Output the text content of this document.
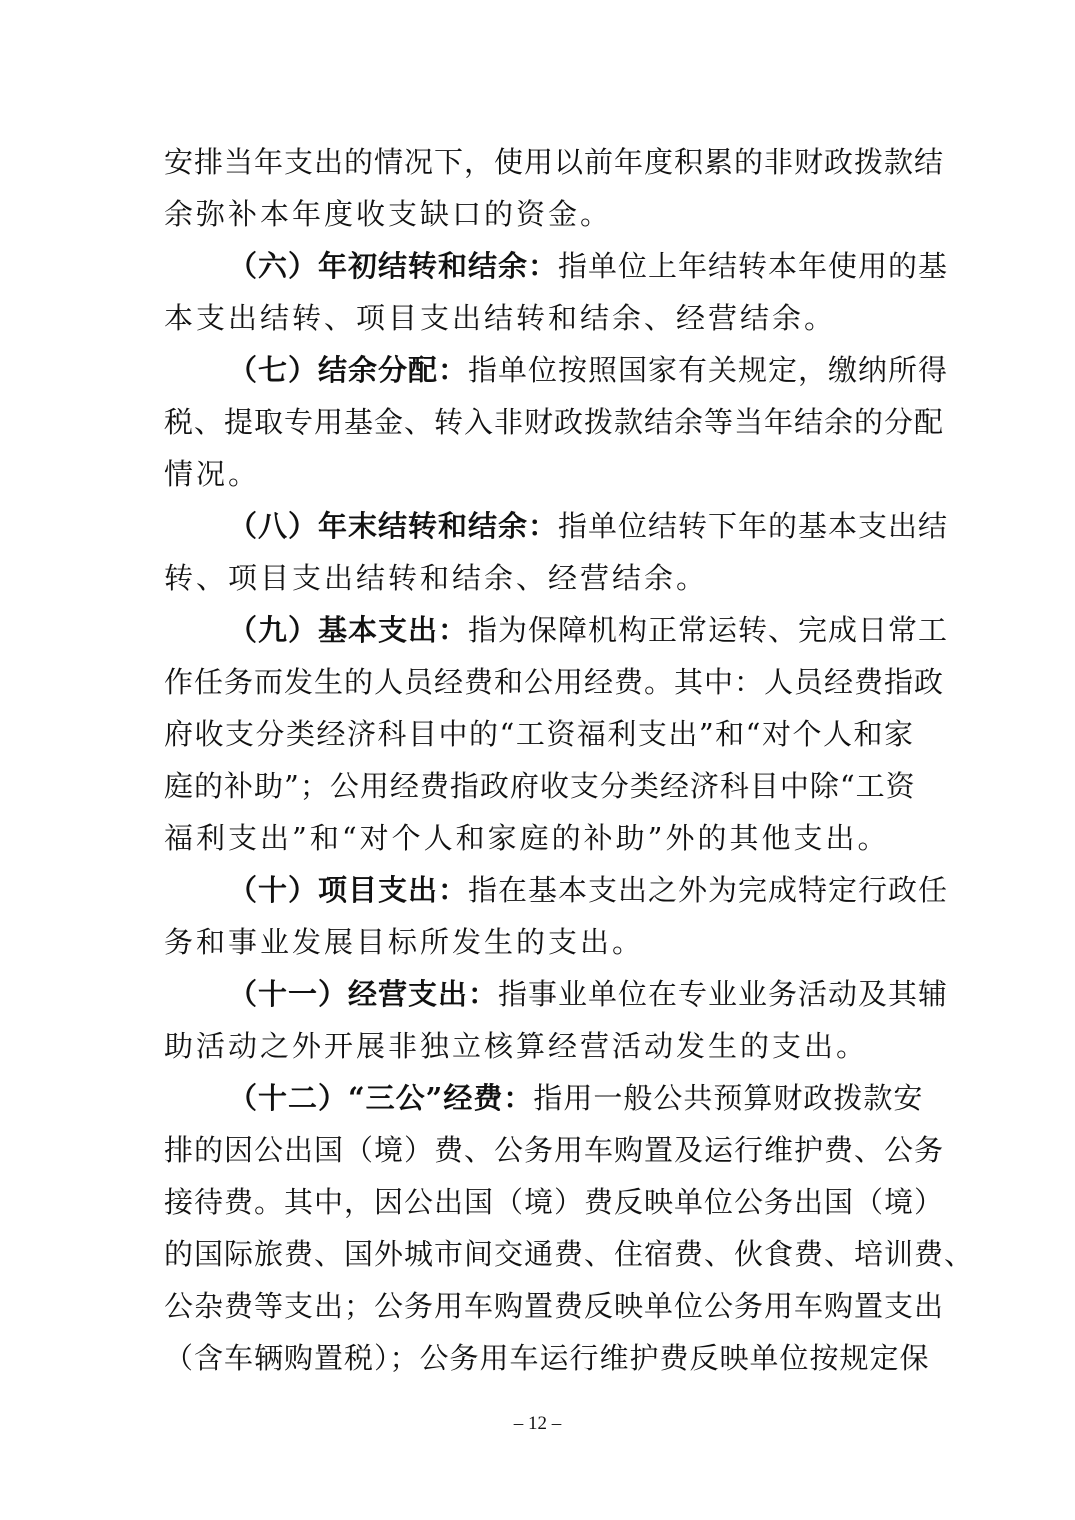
安排当年支出的情况下，使用以前年度积累的非财政拨款结
余弥补本年度收支缺口的资金。
（六）年初结转和结余：指单位上年结转本年使用的基
本支出结转、项目支出结转和结余、经营结余。
（七）结余分配：指单位按照国家有关规定，缴纳所得
税、提取专用基金、转入非财政拨款结余等当年结余的分配
情况。
（八）年末结转和结余：指单位结转下年的基本支出结
转、项目支出结转和结余、经营结余。
（九）基本支出：指为保障机构正常运转、完成日常工
作任务而发生的人员经费和公用经费。其中：人员经费指政
府收支分类经济科目中的“工资福利支出”和“对个人和家
庭的补助”；公用经费指政府收支分类经济科目中除“工资
福利支出”和“对个人和家庭的补助”外的其他支出。
（十）项目支出：指在基本支出之外为完成特定行政任
务和事业发展目标所发生的支出。
（十一）经营支出：指事业单位在专业业务活动及其辅
助活动之外开展非独立核算经营活动发生的支出。
（十二）“三公”经费：指用一般公共预算财政拨款安
排的因公出国（境）费、公务用车购置及运行维护费、公务
接待费。其中，因公出国（境）费反映单位公务出国（境）
的国际旅费、国外城市间交通费、住宿费、伙食费、培训费、
公杂费等支出；公务用车购置费反映单位公务用车购置支出
（含车辆购置税）；公务用车运行维护费反映单位按规定保
– 12 –
